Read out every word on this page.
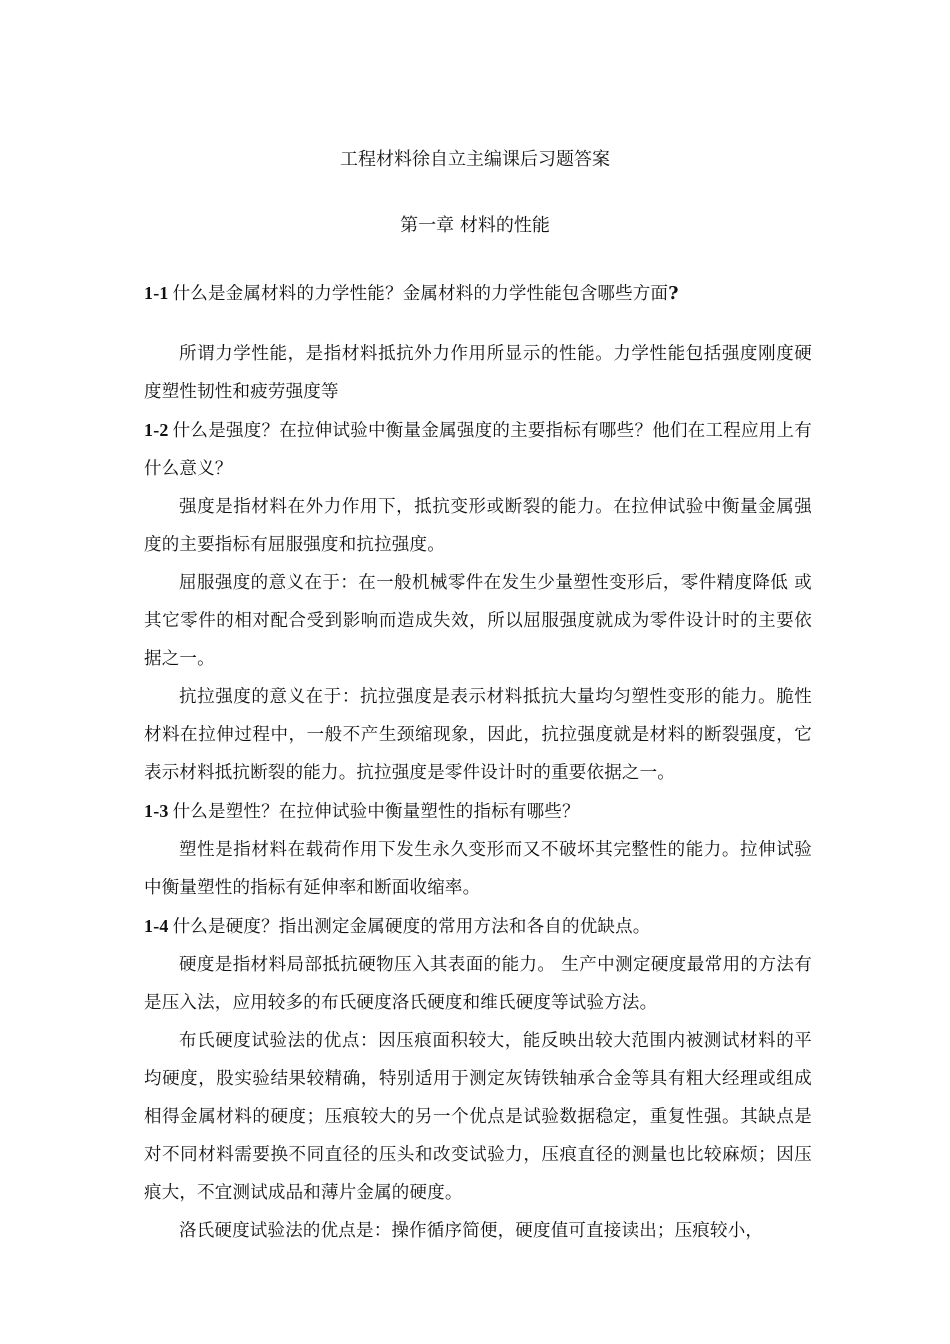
工程材料徐自立主编课后习题答案
第一章 材料的性能

1-1 什么是金属材料的力学性能？金属材料的力学性能包含哪些方面?

所谓力学性能，是指材料抵抗外力作用所显示的性能。力学性能包括强度刚度硬度塑性韧性和疲劳强度等

1-2 什么是强度？在拉伸试验中衡量金属强度的主要指标有哪些？他们在工程应用上有什么意义？

强度是指材料在外力作用下，抵抗变形或断裂的能力。在拉伸试验中衡量金属强度的主要指标有屈服强度和抗拉强度。

屈服强度的意义在于：在一般机械零件在发生少量塑性变形后，零件精度降低 或其它零件的相对配合受到影响而造成失效，所以屈服强度就成为零件设计时的主要依据之一。

抗拉强度的意义在于：抗拉强度是表示材料抵抗大量均匀塑性变形的能力。脆性材料在拉伸过程中，一般不产生颈缩现象，因此，抗拉强度就是材料的断裂强度，它表示材料抵抗断裂的能力。抗拉强度是零件设计时的重要依据之一。

1-3 什么是塑性？在拉伸试验中衡量塑性的指标有哪些？

塑性是指材料在载荷作用下发生永久变形而又不破坏其完整性的能力。拉伸试验中衡量塑性的指标有延伸率和断面收缩率。

1-4 什么是硬度？指出测定金属硬度的常用方法和各自的优缺点。

硬度是指材料局部抵抗硬物压入其表面的能力。 生产中测定硬度最常用的方法有是压入法，应用较多的布氏硬度洛氏硬度和维氏硬度等试验方法。

布氏硬度试验法的优点：因压痕面积较大，能反映出较大范围内被测试材料的平均硬度，股实验结果较精确，特别适用于测定灰铸铁轴承合金等具有粗大经理或组成相得金属材料的硬度；压痕较大的另一个优点是试验数据稳定，重复性强。其缺点是对不同材料需要换不同直径的压头和改变试验力，压痕直径的测量也比较麻烦；因压痕大，不宜测试成品和薄片金属的硬度。

洛氏硬度试验法的优点是：操作循序简便，硬度值可直接读出；压痕较小，
